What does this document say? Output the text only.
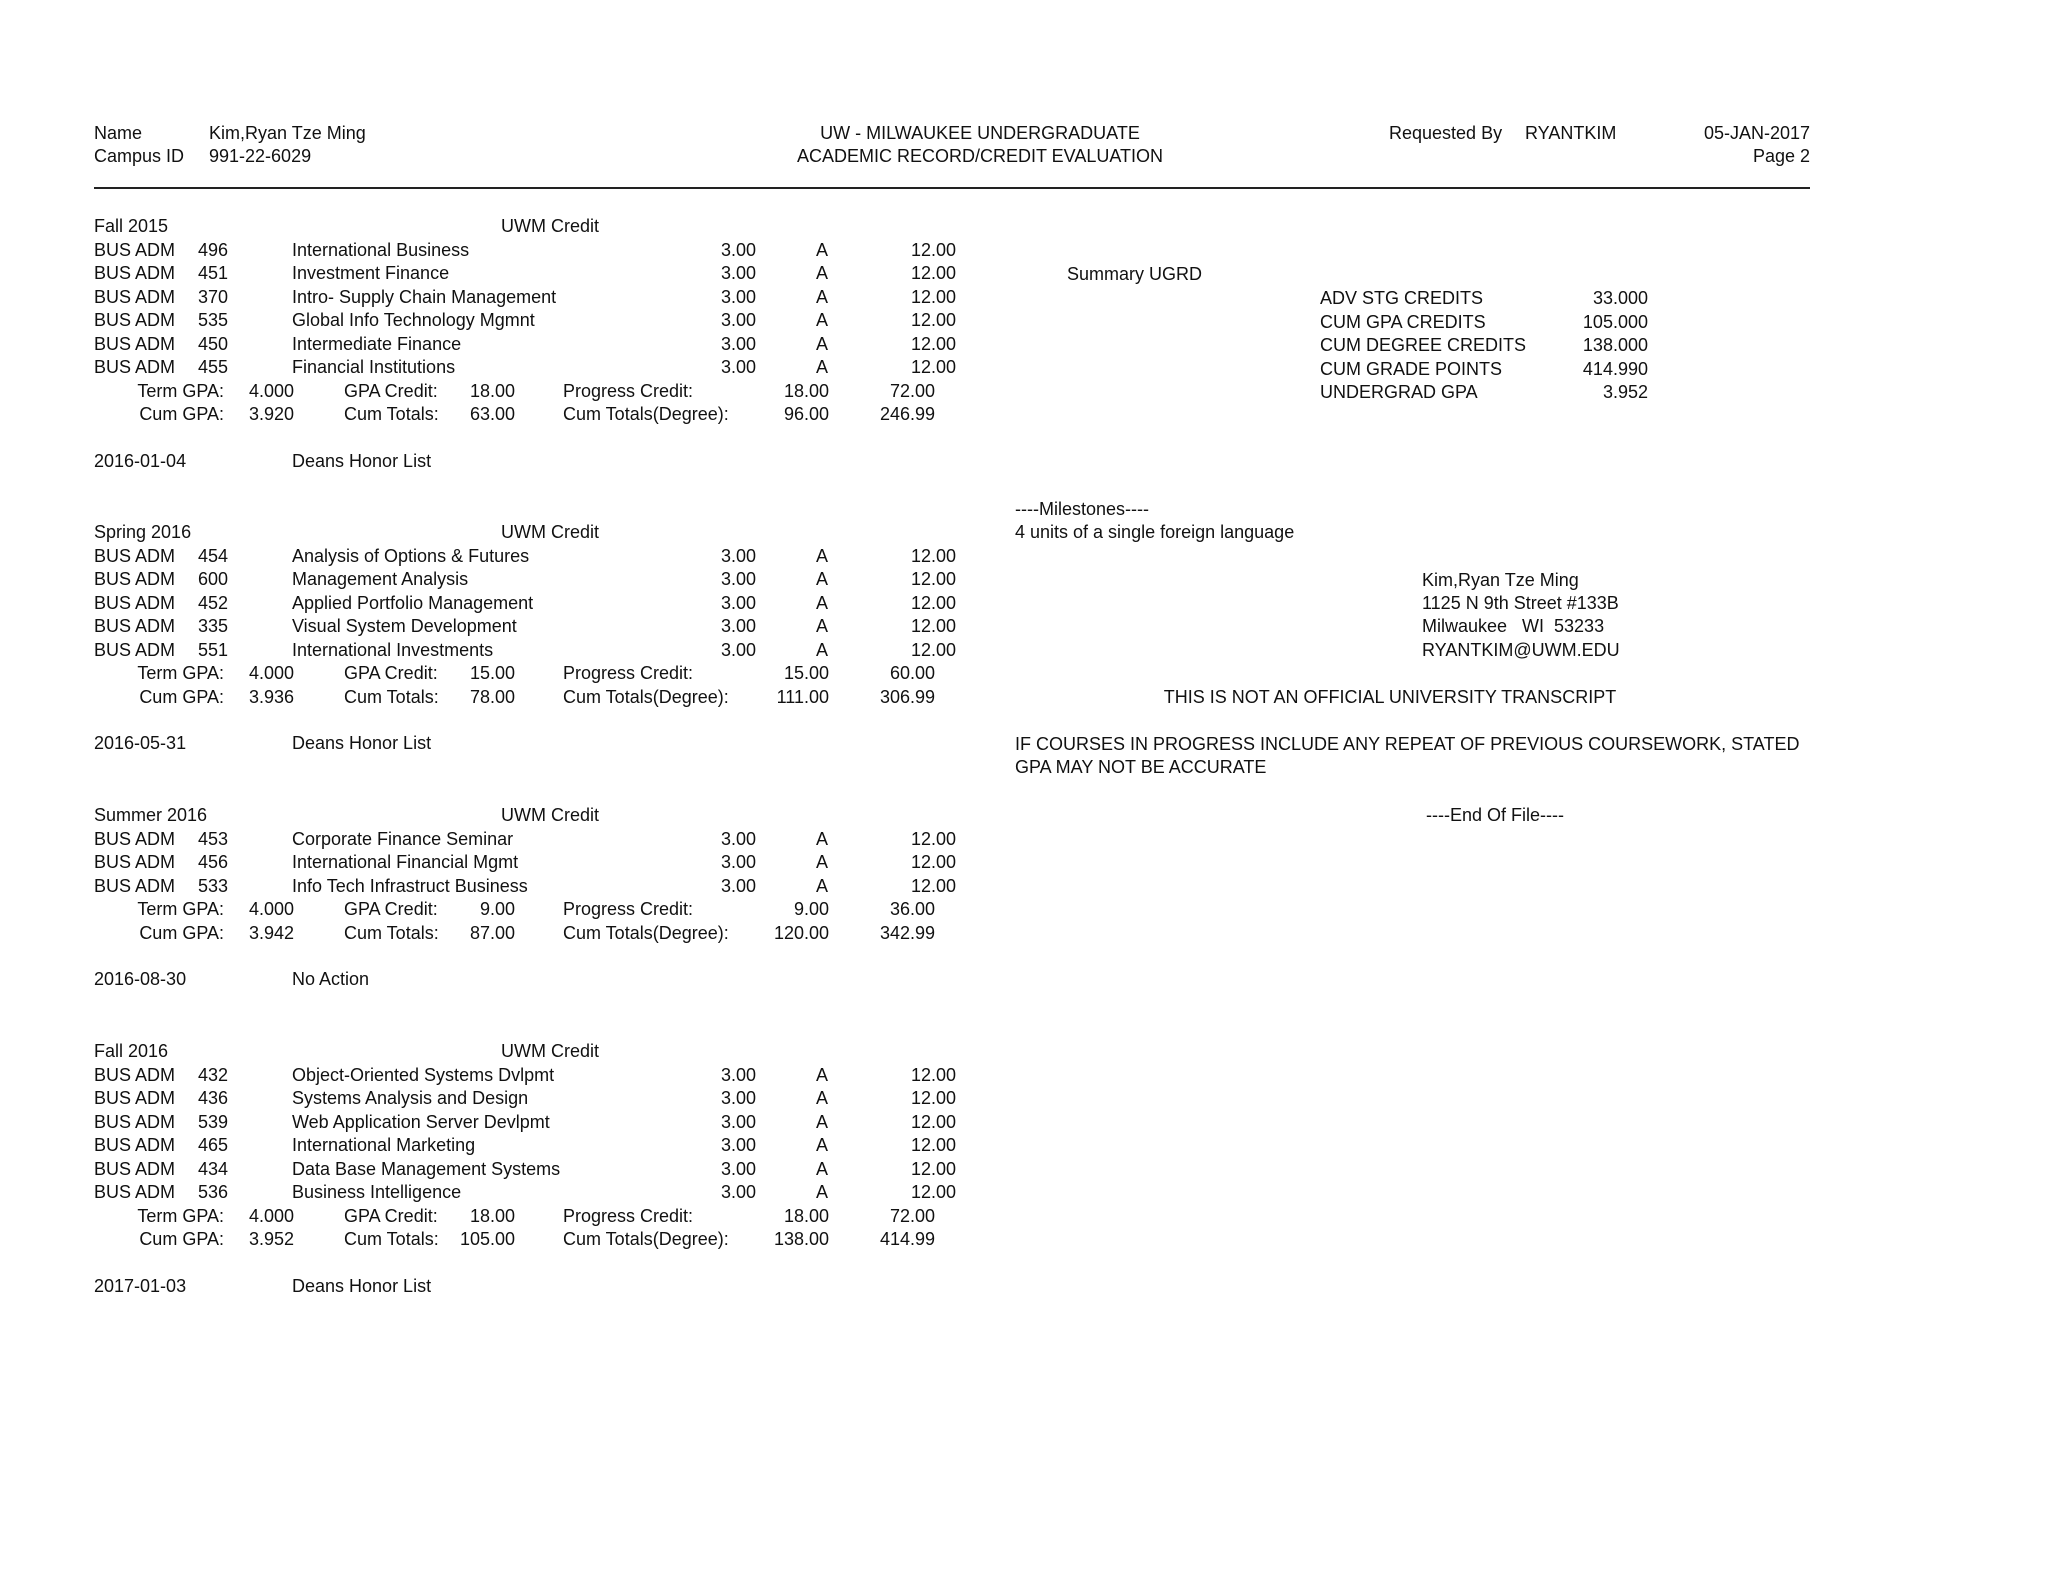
Name	Kim,Ryan Tze Ming
Campus ID 991-22-6029
UW - MILWAUKEE UNDERGRADUATE
ACADEMIC RECORD/CREDIT EVALUATION
Requested By RYANTKIM	05-JAN-2017
Page 2
Fall 2015	UWM Credit
BUS ADM 496	International Business	3.00	A	12.00
BUS ADM 451	Investment Finance	3.00	A	12.00
BUS ADM 370	Intro- Supply Chain Management	3.00	A	12.00
BUS ADM 535	Global Info Technology Mgmnt	3.00	A	12.00
BUS ADM 450	Intermediate Finance	3.00	A	12.00
BUS ADM 455	Financial Institutions	3.00	A	12.00
Term GPA: 4.000	GPA Credit:	18.00	Progress Credit:	18.00	72.00
Cum GPA: 3.920	Cum Totals:	63.00	Cum Totals(Degree):	96.00	246.99
2016-01-04	Deans Honor List
Spring 2016	UWM Credit
BUS ADM 454	Analysis of Options & Futures	3.00	A	12.00
BUS ADM 600	Management Analysis	3.00	A	12.00
BUS ADM 452	Applied Portfolio Management	3.00	A	12.00
BUS ADM 335	Visual System Development	3.00	A	12.00
BUS ADM 551	International Investments	3.00	A	12.00
Term GPA: 4.000	GPA Credit:	15.00	Progress Credit:	15.00	60.00
Cum GPA: 3.936	Cum Totals:	78.00	Cum Totals(Degree):	111.00	306.99
2016-05-31	Deans Honor List
Summer 2016	UWM Credit
BUS ADM 453	Corporate Finance Seminar	3.00	A	12.00
BUS ADM 456	International Financial Mgmt	3.00	A	12.00
BUS ADM 533	Info Tech Infrastruct Business	3.00	A	12.00
Term GPA: 4.000	GPA Credit:	9.00	Progress Credit:	9.00	36.00
Cum GPA: 3.942	Cum Totals:	87.00	Cum Totals(Degree):	120.00	342.99
2016-08-30	No Action
Fall 2016	UWM Credit
BUS ADM 432	Object-Oriented Systems Dvlpmt	3.00	A	12.00
BUS ADM 436	Systems Analysis and Design	3.00	A	12.00
BUS ADM 539	Web Application Server Devlpmt	3.00	A	12.00
BUS ADM 465	International Marketing	3.00	A	12.00
BUS ADM 434	Data Base Management Systems	3.00	A	12.00
BUS ADM 536	Business Intelligence	3.00	A	12.00
Term GPA: 4.000	GPA Credit:	18.00	Progress Credit:	18.00	72.00
Cum GPA: 3.952	Cum Totals:	105.00	Cum Totals(Degree):	138.00	414.99
2017-01-03	Deans Honor List
Summary UGRD
ADV STG CREDITS	33.000
CUM GPA CREDITS	105.000
CUM DEGREE CREDITS	138.000
CUM GRADE POINTS	414.990
UNDERGRAD GPA	3.952
----Milestones----
4 units of a single foreign language
Kim,Ryan Tze Ming
1125 N 9th Street #133B
Milwaukee   WI  53233
RYANTKIM@UWM.EDU
THIS IS NOT AN OFFICIAL UNIVERSITY TRANSCRIPT
IF COURSES IN PROGRESS INCLUDE ANY REPEAT OF PREVIOUS COURSEWORK, STATED
GPA MAY NOT BE ACCURATE
----End Of File----
